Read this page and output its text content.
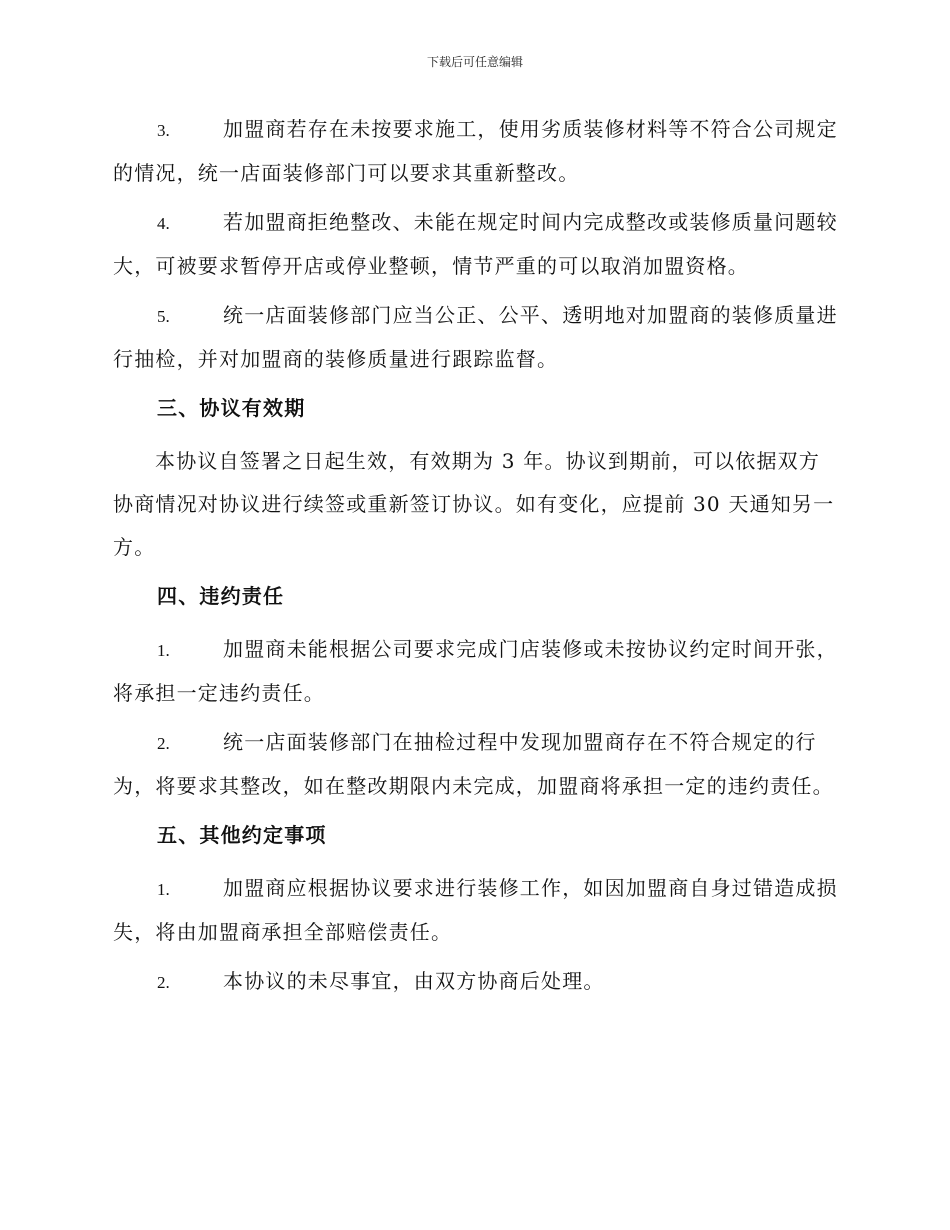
下载后可任意编辑

3.	加盟商若存在未按要求施工，使用劣质装修材料等不符合公司规定的情况，统一店面装修部门可以要求其重新整改。

4.	若加盟商拒绝整改、未能在规定时间内完成整改或装修质量问题较大，可被要求暂停开店或停业整顿，情节严重的可以取消加盟资格。

5.	统一店面装修部门应当公正、公平、透明地对加盟商的装修质量进行抽检，并对加盟商的装修质量进行跟踪监督。

三、协议有效期

本协议自签署之日起生效，有效期为 3 年。协议到期前，可以依据双方协商情况对协议进行续签或重新签订协议。如有变化，应提前 30 天通知另一方。

四、违约责任

1.	加盟商未能根据公司要求完成门店装修或未按协议约定时间开张，将承担一定违约责任。

2.	统一店面装修部门在抽检过程中发现加盟商存在不符合规定的行为，将要求其整改，如在整改期限内未完成，加盟商将承担一定的违约责任。

五、其他约定事项

1.	加盟商应根据协议要求进行装修工作，如因加盟商自身过错造成损失，将由加盟商承担全部赔偿责任。

2.	本协议的未尽事宜，由双方协商后处理。
